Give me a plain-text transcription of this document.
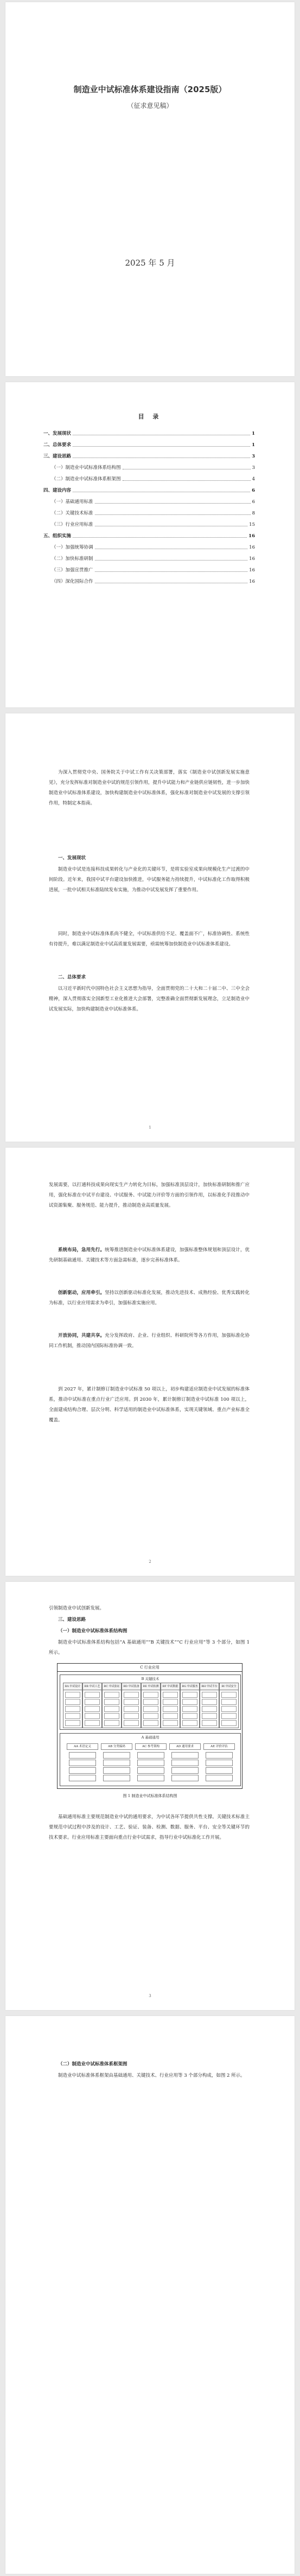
制造业中试标准体系建设指南（2025版）
（征求意见稿）
2025 年 5 月
目 录
一、发展现状	1
二、总体要求	1
三、建设思路	3
（一）制造业中试标准体系结构图	3
（二）制造业中试标准体系框架图	4
四、建设内容	6
（一）基础通用标准	6
（二）关键技术标准	8
（三）行业应用标准	15
五、组织实施	16
（一）加强统筹协调	16
（二）加快标准研制	16
（三）加强宣贯推广	16
（四）深化国际合作	16
为深入贯彻党中央、国务院关于中试工作有关决策部署，落实《制造业中试创新发展实施意见》，充分发挥标准对制造业中试的规范引领作用，提升中试能力和产业链供应链韧性，进一步加快制造业中试标准体系建设，加快构建制造业中试标准体系，强化标准对制造业中试发展的支撑引领作用，特制定本指南。
一、发展现状
制造业中试是连接科技成果转化与产业化的关键环节，是将实验室成果向规模化生产过渡的中间阶段。近年来，我国中试平台建设加快推进，中试服务能力持续提升，中试标准化工作取得积极进展，一批中试相关标准陆续发布实施，为推动中试发展发挥了重要作用。
同时，制造业中试标准体系尚不健全，中试标准供给不足、覆盖面不广，标准协调性、系统性有待提升，难以满足制造业中试高质量发展需要，亟需统筹加快制造业中试标准体系建设。
二、总体要求
以习近平新时代中国特色社会主义思想为指导，全面贯彻党的二十大和二十届二中、三中全会精神，深入贯彻落实全国新型工业化推进大会部署，完整准确全面贯彻新发展理念，立足制造业中试发展实际，加快构建制造业中试标准体系。
1
发展需要，以打通科技成果向现实生产力转化为目标，加强标准顶层设计，加快标准研制和推广应用，强化标准在中试平台建设、中试服务、中试能力评价等方面的引领作用，以标准化手段推动中试资源集聚、服务规范、能力提升，推动制造业高质量发展。
系统布局，急用先行。统筹推进制造业中试标准体系建设，加强标准整体规划和顶层设计，优先研制基础通用、关键技术等方面急需标准，逐步完善标准体系。
创新驱动，应用牵引。坚持以创新驱动标准化发展，推动先进技术、成熟经验、优秀实践转化为标准，以行业应用需求为牵引，加强标准实施应用。
开放协同，共建共享。充分发挥政府、企业、行业组织、科研院所等各方作用，加强标准化协同工作机制，推动国内国际标准协调一致。
到 2027 年，累计制修订制造业中试标准 50 项以上，初步构建适应制造业中试发展的标准体系，推动中试标准在重点行业广泛应用。到 2030 年，累计制修订制造业中试标准 100 项以上，全面建成结构合理、层次分明、科学适用的制造业中试标准体系，实现关键领域、重点产业标准全覆盖。
2
引领制造业中试创新发展。
三、建设思路
（一）制造业中试标准体系结构图
制造业中试标准体系结构包括“A 基础通用”“B 关键技术”“C 行业应用”等 3 个部分，如图 1 所示。
C 行业应用
B 关键技术
BA 中试设计	BB 中试工艺	BC 中试验证	BD 中试装备	BE 中试检测	BF 中试数据	BG 中试服务	BH 中试平台	BI 中试安全
A 基础通用
AA 术语定义	AB 分类编码	AC 参考架构	AD 通用要求	AE 评价评估
图 1 制造业中试标准体系结构图
基础通用标准主要规范制造业中试的通用要求，为中试各环节提供共性支撑。关键技术标准主要规范中试过程中涉及的设计、工艺、验证、装备、检测、数据、服务、平台、安全等关键环节的技术要求。行业应用标准主要面向重点行业中试需求，指导行业中试标准化工作开展。
3
（二）制造业中试标准体系框架图
制造业中试标准体系框架由基础通用、关键技术、行业应用等 3 个部分构成，如图 2 所示。
